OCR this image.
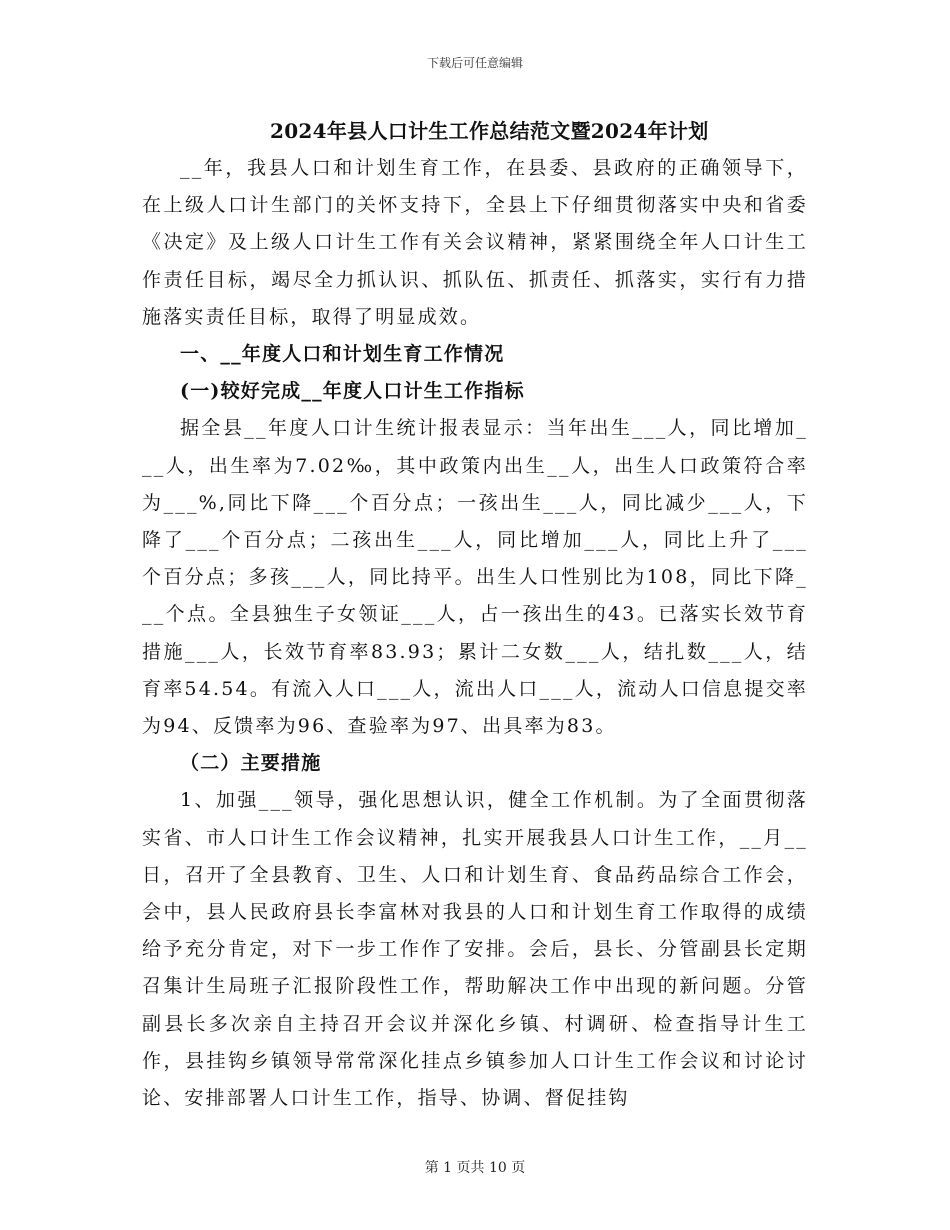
下载后可任意编辑
2024年县人口计生工作总结范文暨2024年计划

__年，我县人口和计划生育工作，在县委、县政府的正确领导下，在上级人口计生部门的关怀支持下，全县上下仔细贯彻落实中央和省委《决定》及上级人口计生工作有关会议精神，紧紧围绕全年人口计生工作责任目标，竭尽全力抓认识、抓队伍、抓责任、抓落实，实行有力措施落实责任目标，取得了明显成效。

一、__年度人口和计划生育工作情况

(一)较好完成__年度人口计生工作指标

据全县__年度人口计生统计报表显示：当年出生___人，同比增加___人，出生率为7.02‰，其中政策内出生__人，出生人口政策符合率为___%,同比下降___个百分点；一孩出生___人，同比减少___人，下降了___个百分点；二孩出生___人，同比增加___人，同比上升了___个百分点；多孩___人，同比持平。出生人口性别比为108，同比下降___个点。全县独生子女领证___人，占一孩出生的43。已落实长效节育措施___人，长效节育率83.93；累计二女数___人，结扎数___人，结育率54.54。有流入人口___人，流出人口___人，流动人口信息提交率为94、反馈率为96、查验率为97、出具率为83。

（二）主要措施

1、加强___领导，强化思想认识，健全工作机制。为了全面贯彻落实省、市人口计生工作会议精神，扎实开展我县人口计生工作，__月__日，召开了全县教育、卫生、人口和计划生育、食品药品综合工作会，会中，县人民政府县长李富林对我县的人口和计划生育工作取得的成绩给予充分肯定，对下一步工作作了安排。会后，县长、分管副县长定期召集计生局班子汇报阶段性工作，帮助解决工作中出现的新问题。分管副县长多次亲自主持召开会议并深化乡镇、村调研、检查指导计生工作，县挂钩乡镇领导常常深化挂点乡镇参加人口计生工作会议和讨论讨论、安排部署人口计生工作，指导、协调、督促挂钩

第 1 页共 10 页
